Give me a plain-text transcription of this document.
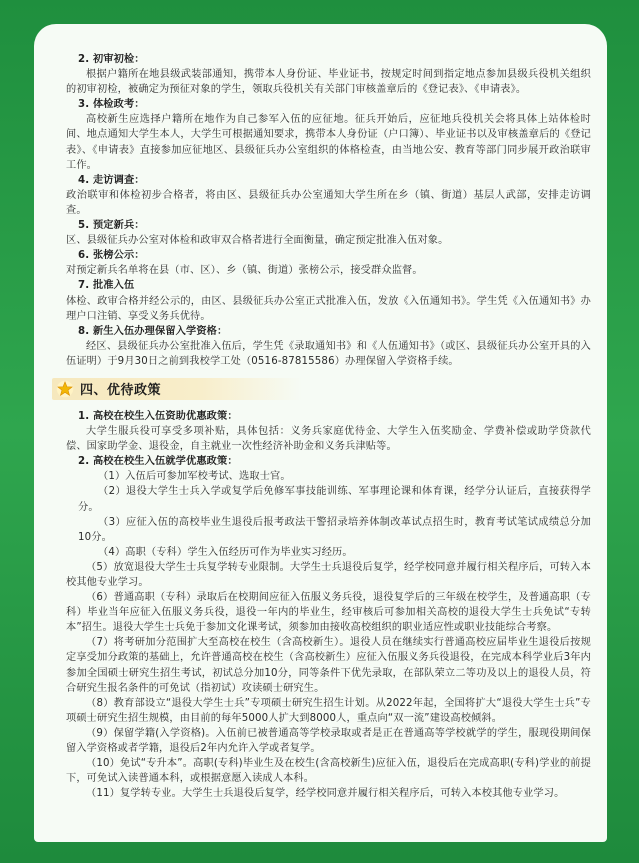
2. 初审初检：

根据户籍所在地县级武装部通知，携带本人身份证、毕业证书，按规定时间到指定地点参加县级兵役机关组织的初审初检，被确定为预征对象的学生，领取兵役机关有关部门审核盖章后的《登记表》、《申请表》。

3. 体检政考：

高校新生应选择户籍所在地作为自己参军入伍的应征地。征兵开始后，应征地兵役机关会将具体上站体检时间、地点通知大学生本人，大学生可根据通知要求，携带本人身份证（户口簿）、毕业证书以及审核盖章后的《登记表》、《申请表》直接参加应征地区、县级征兵办公室组织的体格检查，由当地公安、教育等部门同步展开政治联审工作。

4. 走访调查：

政治联审和体检初步合格者，将由区、县级征兵办公室通知大学生所在乡（镇、街道）基层人武部，安排走访调查。

5. 预定新兵：

区、县级征兵办公室对体检和政审双合格者进行全面衡量，确定预定批准入伍对象。

6. 张榜公示：

对预定新兵名单将在县（市、区）、乡（镇、街道）张榜公示，接受群众监督。

7. 批准入伍

体检、政审合格并经公示的，由区、县级征兵办公室正式批准入伍，发放《入伍通知书》。学生凭《入伍通知书》办理户口注销、享受义务兵优待。

8. 新生入伍办理保留入学资格：

经区、县级征兵办公室批准入伍后，学生凭《录取通知书》和《人伍通知书》（或区、县级征兵办公室开具的入伍证明）于9月30日之前到我校学工处（0516-87815586）办理保留入学资格手续。

四、优待政策

1. 高校在校生入伍资助优惠政策：

大学生服兵役可享受多项补贴，具体包括：义务兵家庭优待金、大学生入伍奖励金、学费补偿或助学贷款代偿、国家助学金、退役金，自主就业一次性经济补助金和义务兵津贴等。

2. 高校在校生入伍就学优惠政策：

（1）入伍后可参加军校考试、选取士官。

（2）退役大学生士兵入学或复学后免修军事技能训练、军事理论课和体育课，经学分认证后，直接获得学分。

（3）应征入伍的高校毕业生退役后报考政法干警招录培养体制改革试点招生时，教育考试笔试成绩总分加10分。

（4）高职（专科）学生入伍经历可作为毕业实习经历。

（5）放宽退役大学生士兵复学转专业限制。大学生士兵退役后复学，经学校同意并履行相关程序后，可转入本校其他专业学习。

（6）普通高职（专科）录取后在校期间应征入伍服义务兵役，退役复学后的三年级在校学生，及普通高职（专科）毕业当年应征入伍服义务兵役，退役一年内的毕业生，经审核后可参加相关高校的退役大学生士兵免试“专转本”招生。退役大学生士兵免于参加文化课考试，须参加由接收高校组织的职业适应性或职业技能综合考察。

（7）将考研加分范围扩大至高校在校生（含高校新生）。退役人员在继续实行普通高校应届毕业生退役后按规定享受加分政策的基础上，允许普通高校在校生（含高校新生）应征入伍服义务兵役退役，在完成本科学业后3年内参加全国硕士研究生招生考试，初试总分加10分，同等条件下优先录取，在部队荣立二等功及以上的退役人员，符合研究生报名条件的可免试（指初试）攻读硕士研究生。

（8）教育部设立“退役大学生士兵”专项硕士研究生招生计划。从2022年起，全国将扩大“退役大学生士兵”专项硕士研究生招生规模，由目前的每年5000人扩大到8000人，重点向“双一流”建设高校倾斜。

（9）保留学籍(入学资格)。入伍前已被普通高等学校录取或者是正在普通高等学校就学的学生，服现役期间保留入学资格或者学籍，退役后2年内允许入学或者复学。

（10）免试“专升本”。高职(专科)毕业生及在校生(含高校新生)应征入伍，退役后在完成高职(专科)学业的前提下，可免试入读普通本科，或根据意愿入读成人本科。

（11）复学转专业。大学生士兵退役后复学，经学校同意并履行相关程序后，可转入本校其他专业学习。
